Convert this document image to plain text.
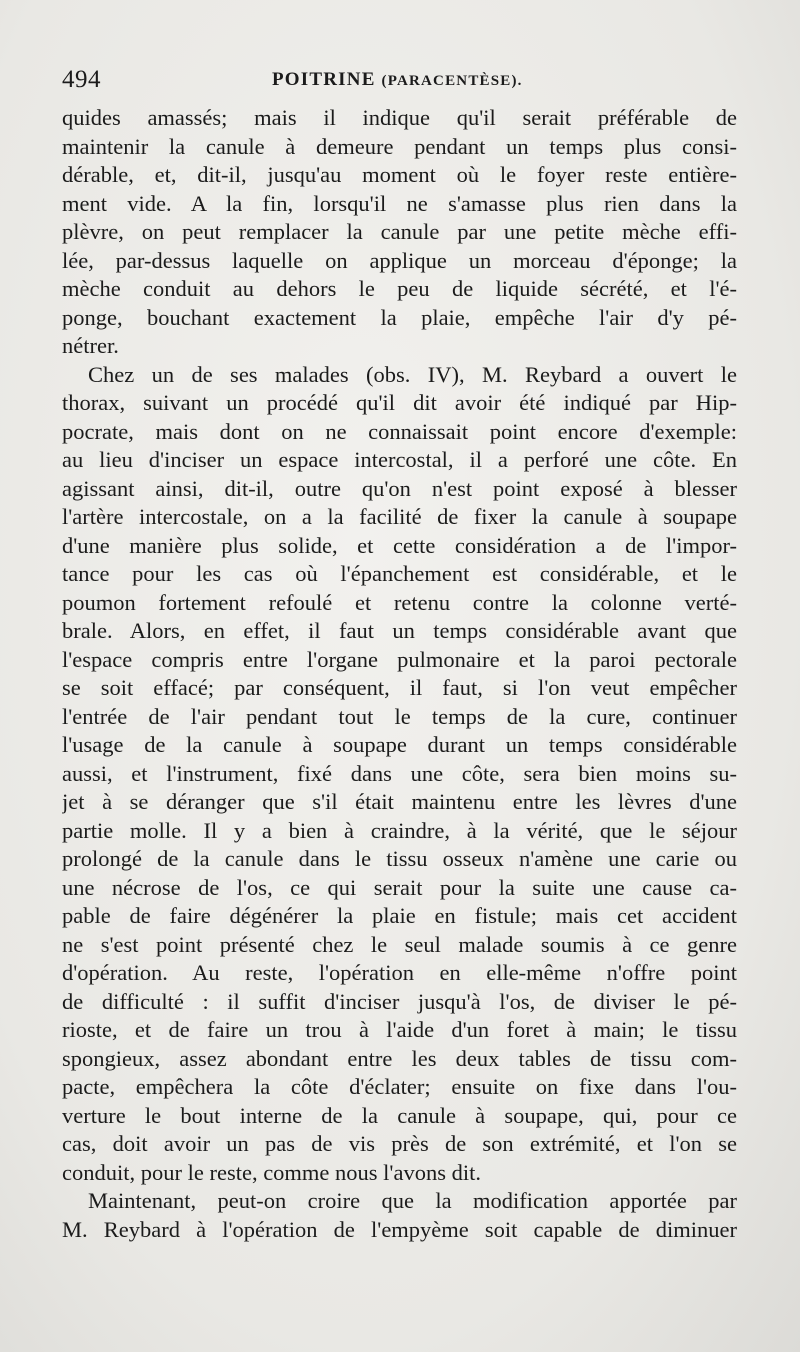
494	POITRINE (PARACENTÈSE).
quides amassés; mais il indique qu'il serait préférable de
maintenir la canule à demeure pendant un temps plus consi-
dérable, et, dit-il, jusqu'au moment où le foyer reste entière-
ment vide. A la fin, lorsqu'il ne s'amasse plus rien dans la
plèvre, on peut remplacer la canule par une petite mèche effi-
lée, par-dessus laquelle on applique un morceau d'éponge; la
mèche conduit au dehors le peu de liquide sécrété, et l'é-
ponge, bouchant exactement la plaie, empêche l'air d'y pé-
nétrer.
Chez un de ses malades (obs. IV), M. Reybard a ouvert le
thorax, suivant un procédé qu'il dit avoir été indiqué par Hip-
pocrate, mais dont on ne connaissait point encore d'exemple:
au lieu d'inciser un espace intercostal, il a perforé une côte. En
agissant ainsi, dit-il, outre qu'on n'est point exposé à blesser
l'artère intercostale, on a la facilité de fixer la canule à soupape
d'une manière plus solide, et cette considération a de l'impor-
tance pour les cas où l'épanchement est considérable, et le
poumon fortement refoulé et retenu contre la colonne verté-
brale. Alors, en effet, il faut un temps considérable avant que
l'espace compris entre l'organe pulmonaire et la paroi pectorale
se soit effacé; par conséquent, il faut, si l'on veut empêcher
l'entrée de l'air pendant tout le temps de la cure, continuer
l'usage de la canule à soupape durant un temps considérable
aussi, et l'instrument, fixé dans une côte, sera bien moins su-
jet à se déranger que s'il était maintenu entre les lèvres d'une
partie molle. Il y a bien à craindre, à la vérité, que le séjour
prolongé de la canule dans le tissu osseux n'amène une carie ou
une nécrose de l'os, ce qui serait pour la suite une cause ca-
pable de faire dégénérer la plaie en fistule; mais cet accident
ne s'est point présenté chez le seul malade soumis à ce genre
d'opération. Au reste, l'opération en elle-même n'offre point
de difficulté : il suffit d'inciser jusqu'à l'os, de diviser le pé-
rioste, et de faire un trou à l'aide d'un foret à main; le tissu
spongieux, assez abondant entre les deux tables de tissu com-
pacte, empêchera la côte d'éclater; ensuite on fixe dans l'ou-
verture le bout interne de la canule à soupape, qui, pour ce
cas, doit avoir un pas de vis près de son extrémité, et l'on se
conduit, pour le reste, comme nous l'avons dit.
Maintenant, peut-on croire que la modification apportée par
M. Reybard à l'opération de l'empyème soit capable de diminuer
